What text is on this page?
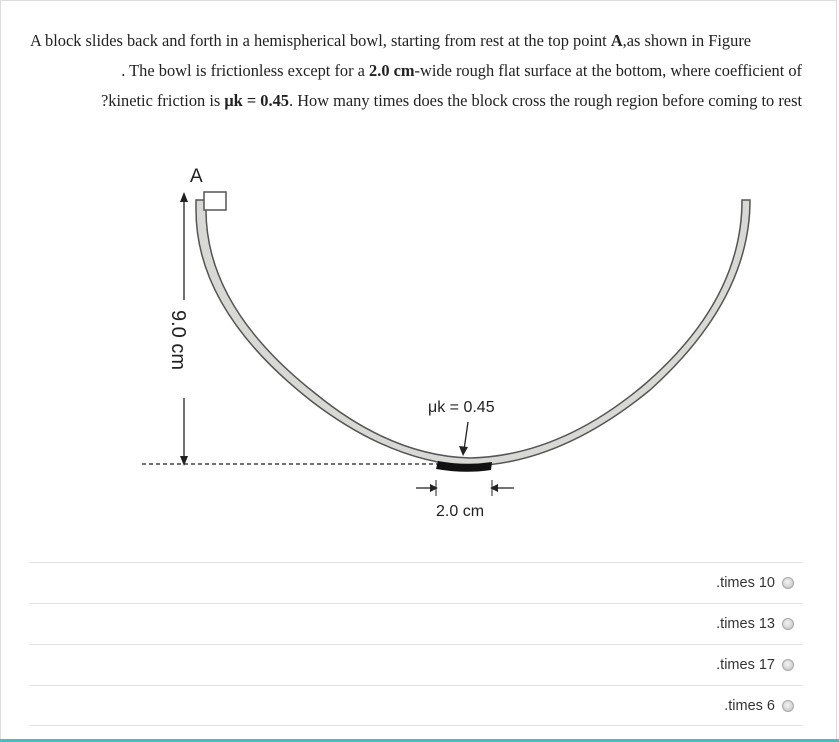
A block slides back and forth in a hemispherical bowl, starting from rest at the top point A,as shown in Figure

. The bowl is frictionless except for a 2.0 cm-wide rough flat surface at the bottom, where coefficient of

?kinetic friction is μk = 0.45. How many times does the block cross the rough region before coming to rest

A
9.0 cm
μk = 0.45
2.0 cm
.times 10
.times 13
.times 17
.times 6
